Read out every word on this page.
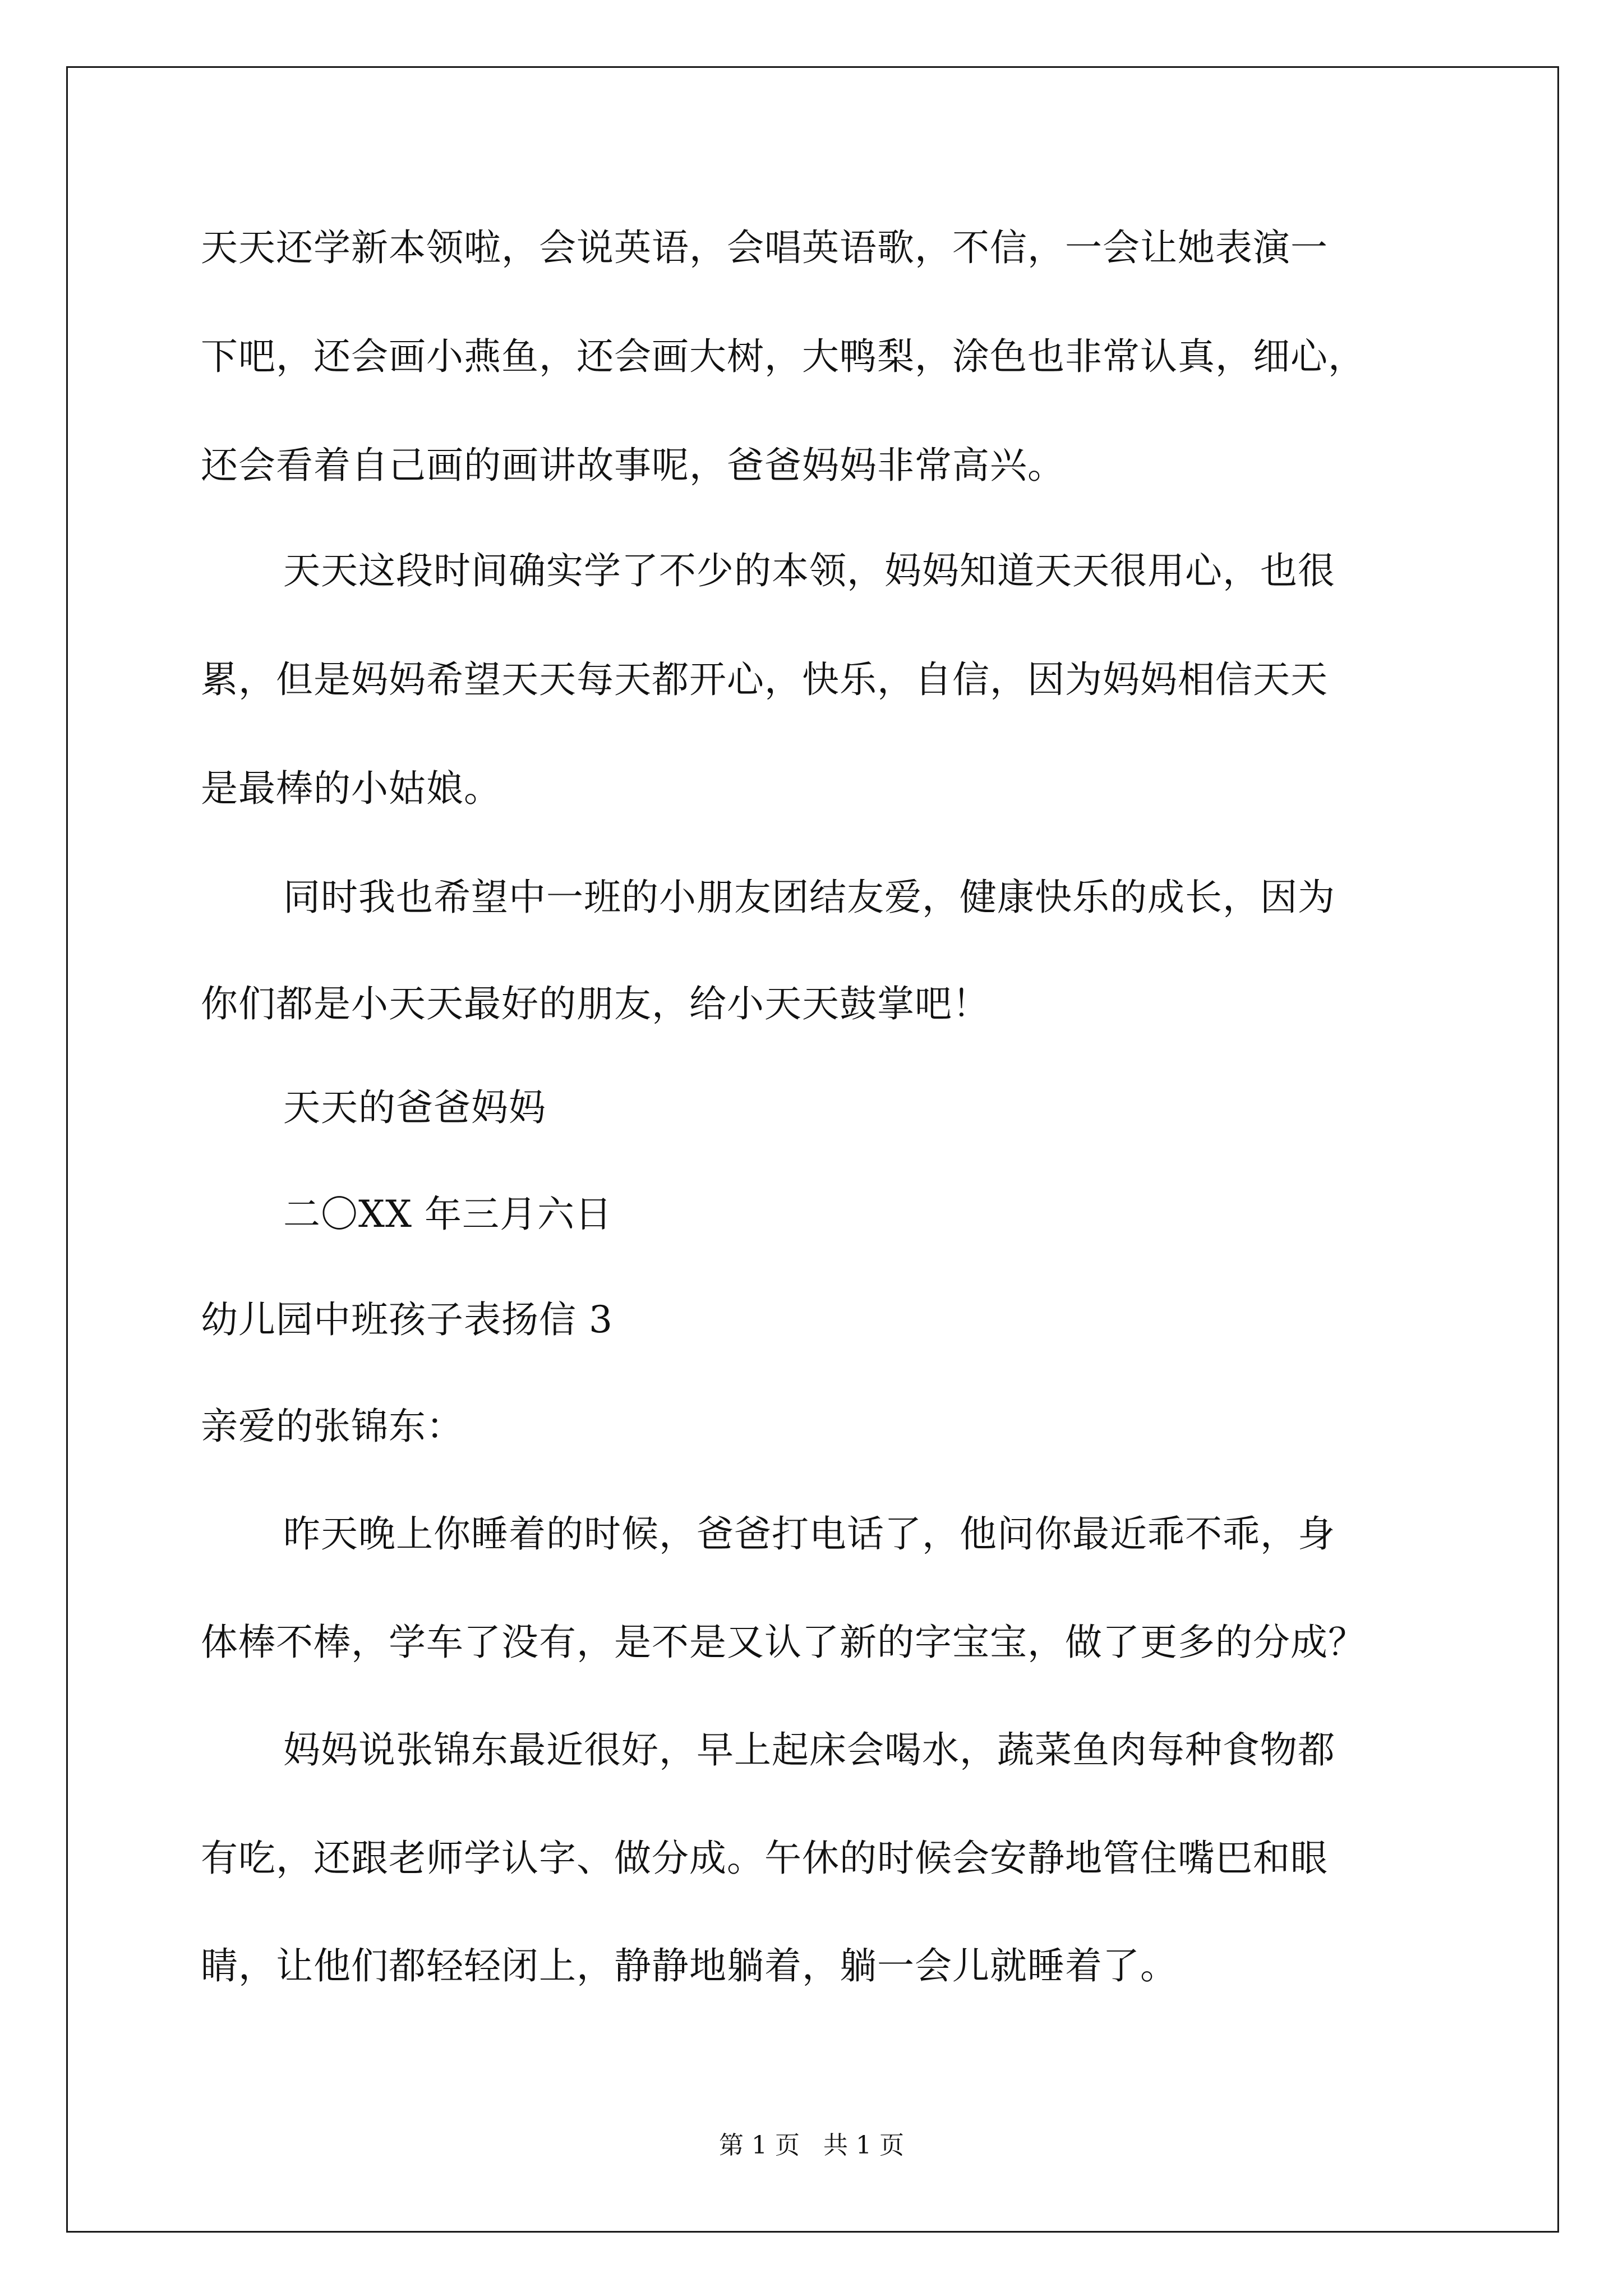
天天还学新本领啦，会说英语，会唱英语歌，不信，一会让她表演一
下吧，还会画小燕鱼，还会画大树，大鸭梨，涂色也非常认真，细心，
还会看着自己画的画讲故事呢，爸爸妈妈非常高兴。
天天这段时间确实学了不少的本领，妈妈知道天天很用心，也很
累，但是妈妈希望天天每天都开心，快乐，自信，因为妈妈相信天天
是最棒的小姑娘。
同时我也希望中一班的小朋友团结友爱，健康快乐的成长，因为
你们都是小天天最好的朋友，给小天天鼓掌吧！
天天的爸爸妈妈
二〇XX 年三月六日
幼儿园中班孩子表扬信 3
亲爱的张锦东：
昨天晚上你睡着的时候，爸爸打电话了，他问你最近乖不乖，身
体棒不棒，学车了没有，是不是又认了新的字宝宝，做了更多的分成？
妈妈说张锦东最近很好，早上起床会喝水，蔬菜鱼肉每种食物都
有吃，还跟老师学认字、做分成。午休的时候会安静地管住嘴巴和眼
睛，让他们都轻轻闭上，静静地躺着，躺一会儿就睡着了。
第 1 页 共 1 页
